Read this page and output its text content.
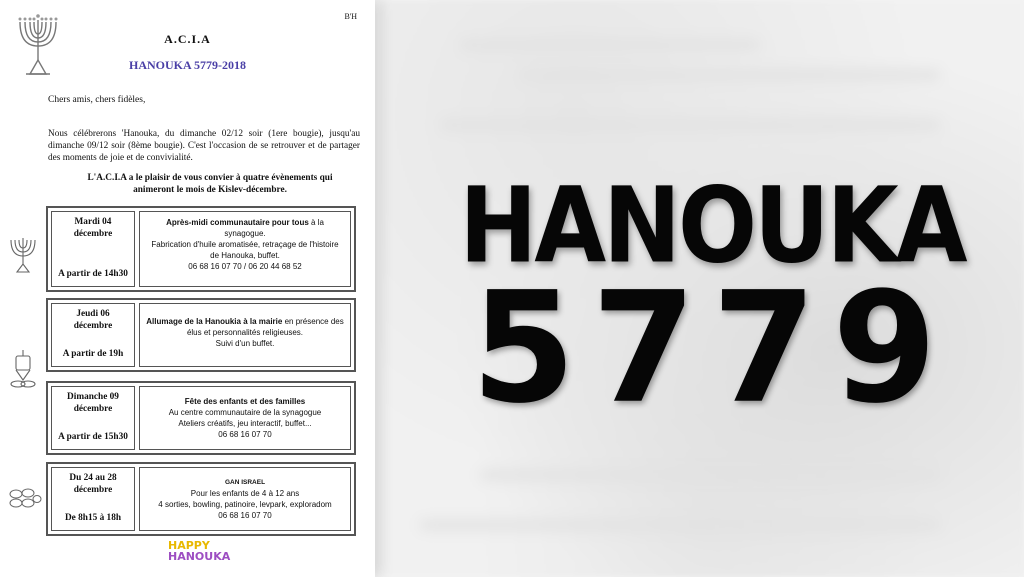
B'H
A.C.I.A
HANOUKA 5779-2018
Chers amis, chers fidèles,
Nous célébrerons 'Hanouka, du dimanche 02/12 soir (1ere bougie), jusqu'au dimanche 09/12 soir (8ème bougie). C'est l'occasion de se retrouver et de partager des moments de joie et de convivialité.
L'A.C.I.A a le plaisir de vous convier à quatre évènements qui animeront le mois de Kislev-décembre.
Mardi 04
décembre
A partir de 14h30
Après-midi communautaire pour tous à la synagogue.
Fabrication d'huile aromatisée, retraçage de l'histoire de Hanouka, buffet.
06 68 16 07 70 / 06 20 44 68 52
Jeudi 06
décembre
A partir de 19h
Allumage de la Hanoukia à la mairie en présence des élus et personnalités religieuses.
Suivi d'un buffet.
Dimanche 09
décembre
A partir de 15h30
Fête des enfants et des familles
Au centre communautaire de la synagogue
Ateliers créatifs, jeu interactif, buffet...
06 68 16 07 70
Du 24 au 28
décembre
De 8h15 à 18h
GAN ISRAEL
Pour les enfants de 4 à 12 ans
4 sorties, bowling, patinoire, levpark, exploradom
06 68 16 07 70
HAPPY
HANOUKA
HANOUKA
5779
